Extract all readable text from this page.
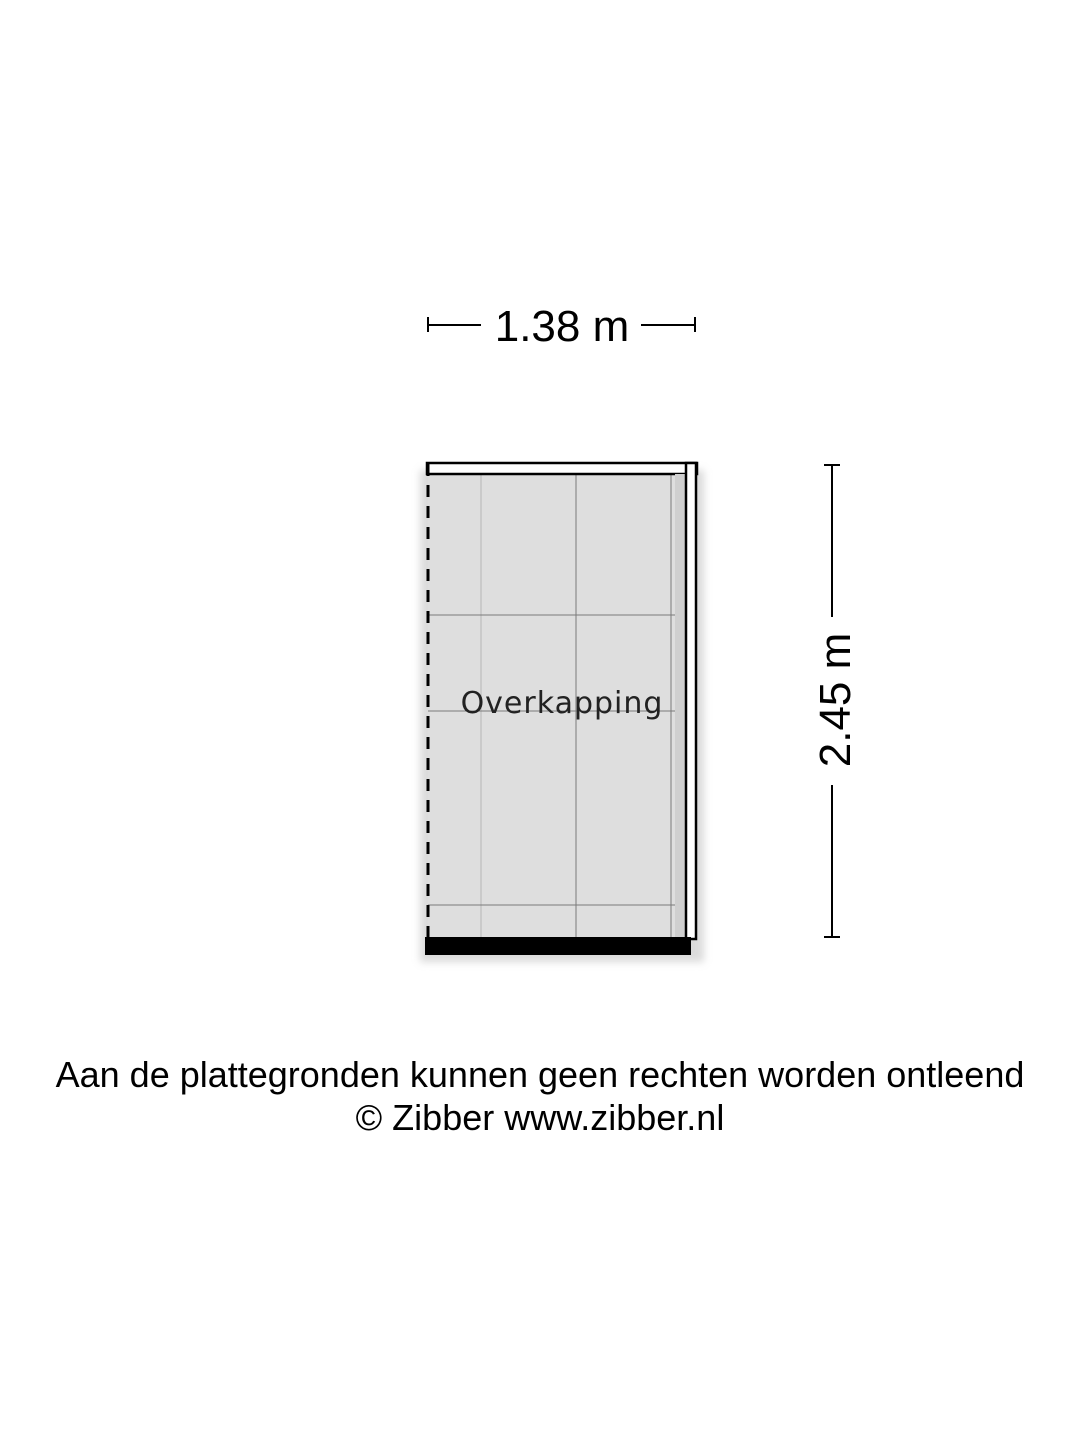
1.38 m
2.45 m
Overkapping
Aan de plattegronden kunnen geen rechten worden ontleend
© Zibber www.zibber.nl
